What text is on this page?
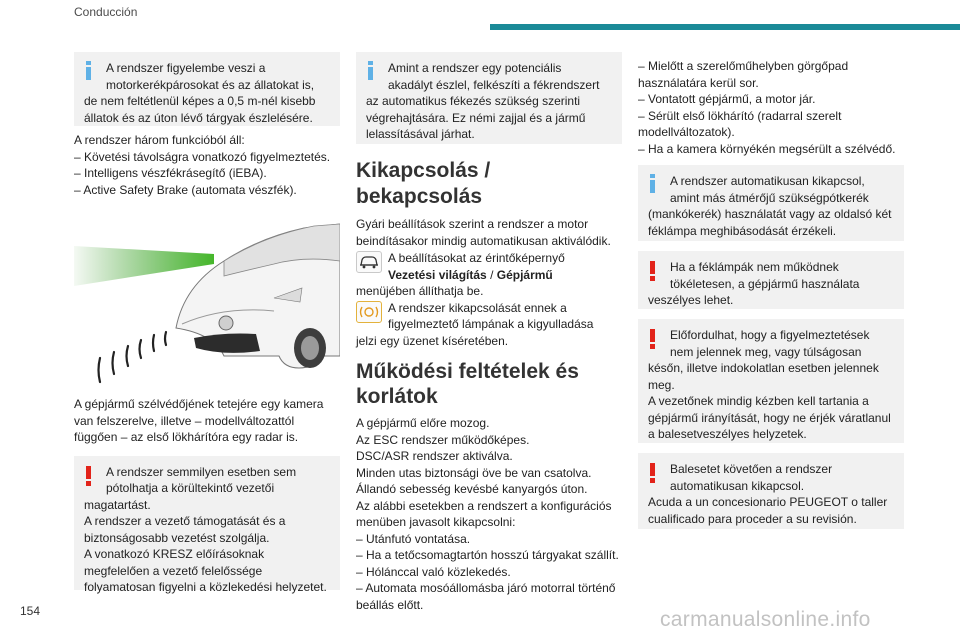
Conducción
A rendszer figyelembe veszi a
motorkerékpárosokat és az állatokat is,
de nem feltétlenül képes a 0,5 m-nél kisebb állatok és az úton lévő tárgyak észlelésére.
A rendszer három funkcióból áll:
– Követési távolságra vonatkozó figyelmeztetés.
– Intelligens vészfékrásegítő (iEBA).
– Active Safety Brake (automata vészfék).
A gépjármű szélvédőjének tetejére egy kamera van felszerelve, illetve – modellváltozattól függően – az első lökhárítóra egy radar is.
A rendszer semmilyen esetben sem
pótolhatja a körültekintő vezetői
magatartást.
A rendszer a vezető támogatását és a biztonságosabb vezetést szolgálja.
A vonatkozó KRESZ előírásoknak megfelelően a vezető felelőssége folyamatosan figyelni a közlekedési helyzetet.
Amint a rendszer egy potenciális
akadályt észlel, felkészíti a fékrendszert
az automatikus fékezés szükség szerinti végrehajtására. Ez némi zajjal és a jármű lelassításával járhat.
Kikapcsolás / bekapcsolás
Gyári beállítások szerint a rendszer a motor beindításakor mindig automatikusan aktiválódik.
A beállításokat az érintőképernyő
Vezetési világítás / Gépjármű
menüjében állíthatja be.
A rendszer kikapcsolását ennek a
figyelmeztető lámpának a kigyulladása
jelzi egy üzenet kíséretében.
Működési feltételek és korlátok
A gépjármű előre mozog.
Az ESC rendszer működőképes.
DSC/ASR rendszer aktiválva.
Minden utas biztonsági öve be van csatolva.
Állandó sebesség kevésbé kanyargós úton.
Az alábbi esetekben a rendszert a konfigurációs menüben javasolt kikapcsolni:
– Utánfutó vontatása.
– Ha a tetőcsomagtartón hosszú tárgyakat szállít.
– Hólánccal való közlekedés.
– Automata mosóállomásba járó motorral történő beállás előtt.
– Mielőtt a szerelőműhelyben görgőpad használatára kerül sor.
– Vontatott gépjármű, a motor jár.
– Sérült első lökhárító (radarral szerelt modellváltozatok).
– Ha a kamera környékén megsérült a szélvédő.
A rendszer automatikusan kikapcsol,
amint más átmérőjű szükségpótkerék
(mankókerék) használatát vagy az oldalsó két féklámpa meghibásodását érzékeli.
Ha a féklámpák nem működnek
tökéletesen, a gépjármű használata
veszélyes lehet.
Előfordulhat, hogy a figyelmeztetések
nem jelennek meg, vagy túlságosan
későn, illetve indokolatlan esetben jelennek meg.
A vezetőnek mindig kézben kell tartania a gépjármű irányítását, hogy ne érjék váratlanul a balesetveszélyes helyzetek.
Balesetet követően a rendszer
automatikusan kikapcsol.
Acuda a un concesionario PEUGEOT o taller cualificado para proceder a su revisión.
154	carmanualsonline.info
